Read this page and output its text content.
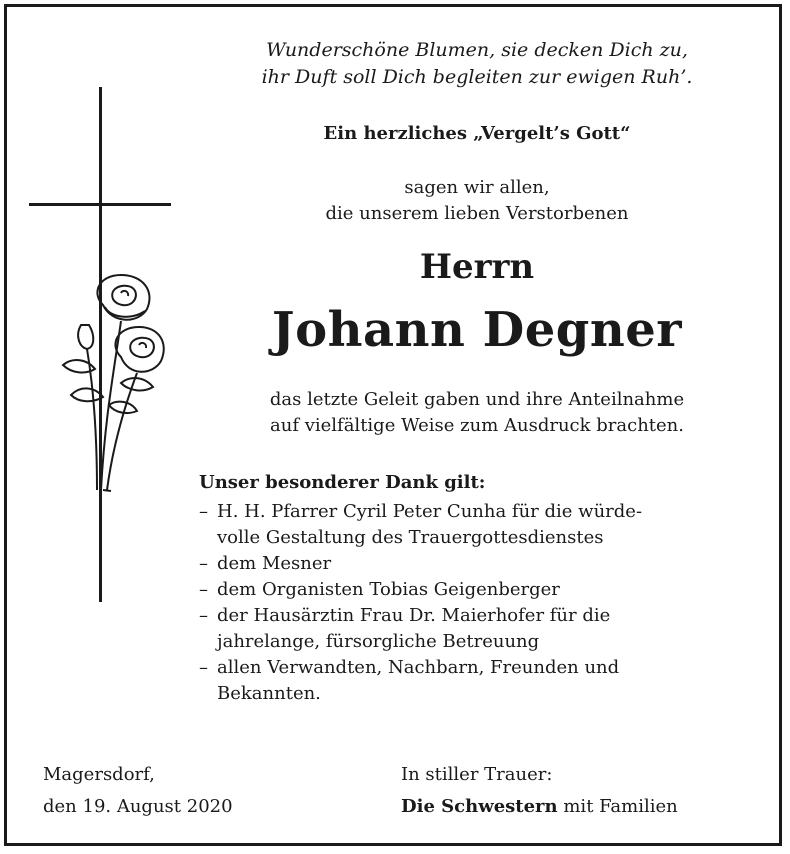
Wunderschöne Blumen, sie decken Dich zu,
ihr Duft soll Dich begleiten zur ewigen Ruh’.
Ein herzliches „Vergelt’s Gott“
sagen wir allen,
die unserem lieben Verstorbenen
Herrn
Johann Degner
das letzte Geleit gaben und ihre Anteilnahme
auf vielfältige Weise zum Ausdruck brachten.
Unser besonderer Dank gilt:
– H. H. Pfarrer Cyril Peter Cunha für die würde-
volle Gestaltung des Trauergottesdienstes
– dem Mesner
– dem Organisten Tobias Geigenberger
– der Hausärztin Frau Dr. Maierhofer für die
jahrelange, fürsorgliche Betreuung
– allen Verwandten, Nachbarn, Freunden und
Bekannten.
Magersdorf,
den 19. August 2020
In stiller Trauer:
Die Schwestern mit Familien
